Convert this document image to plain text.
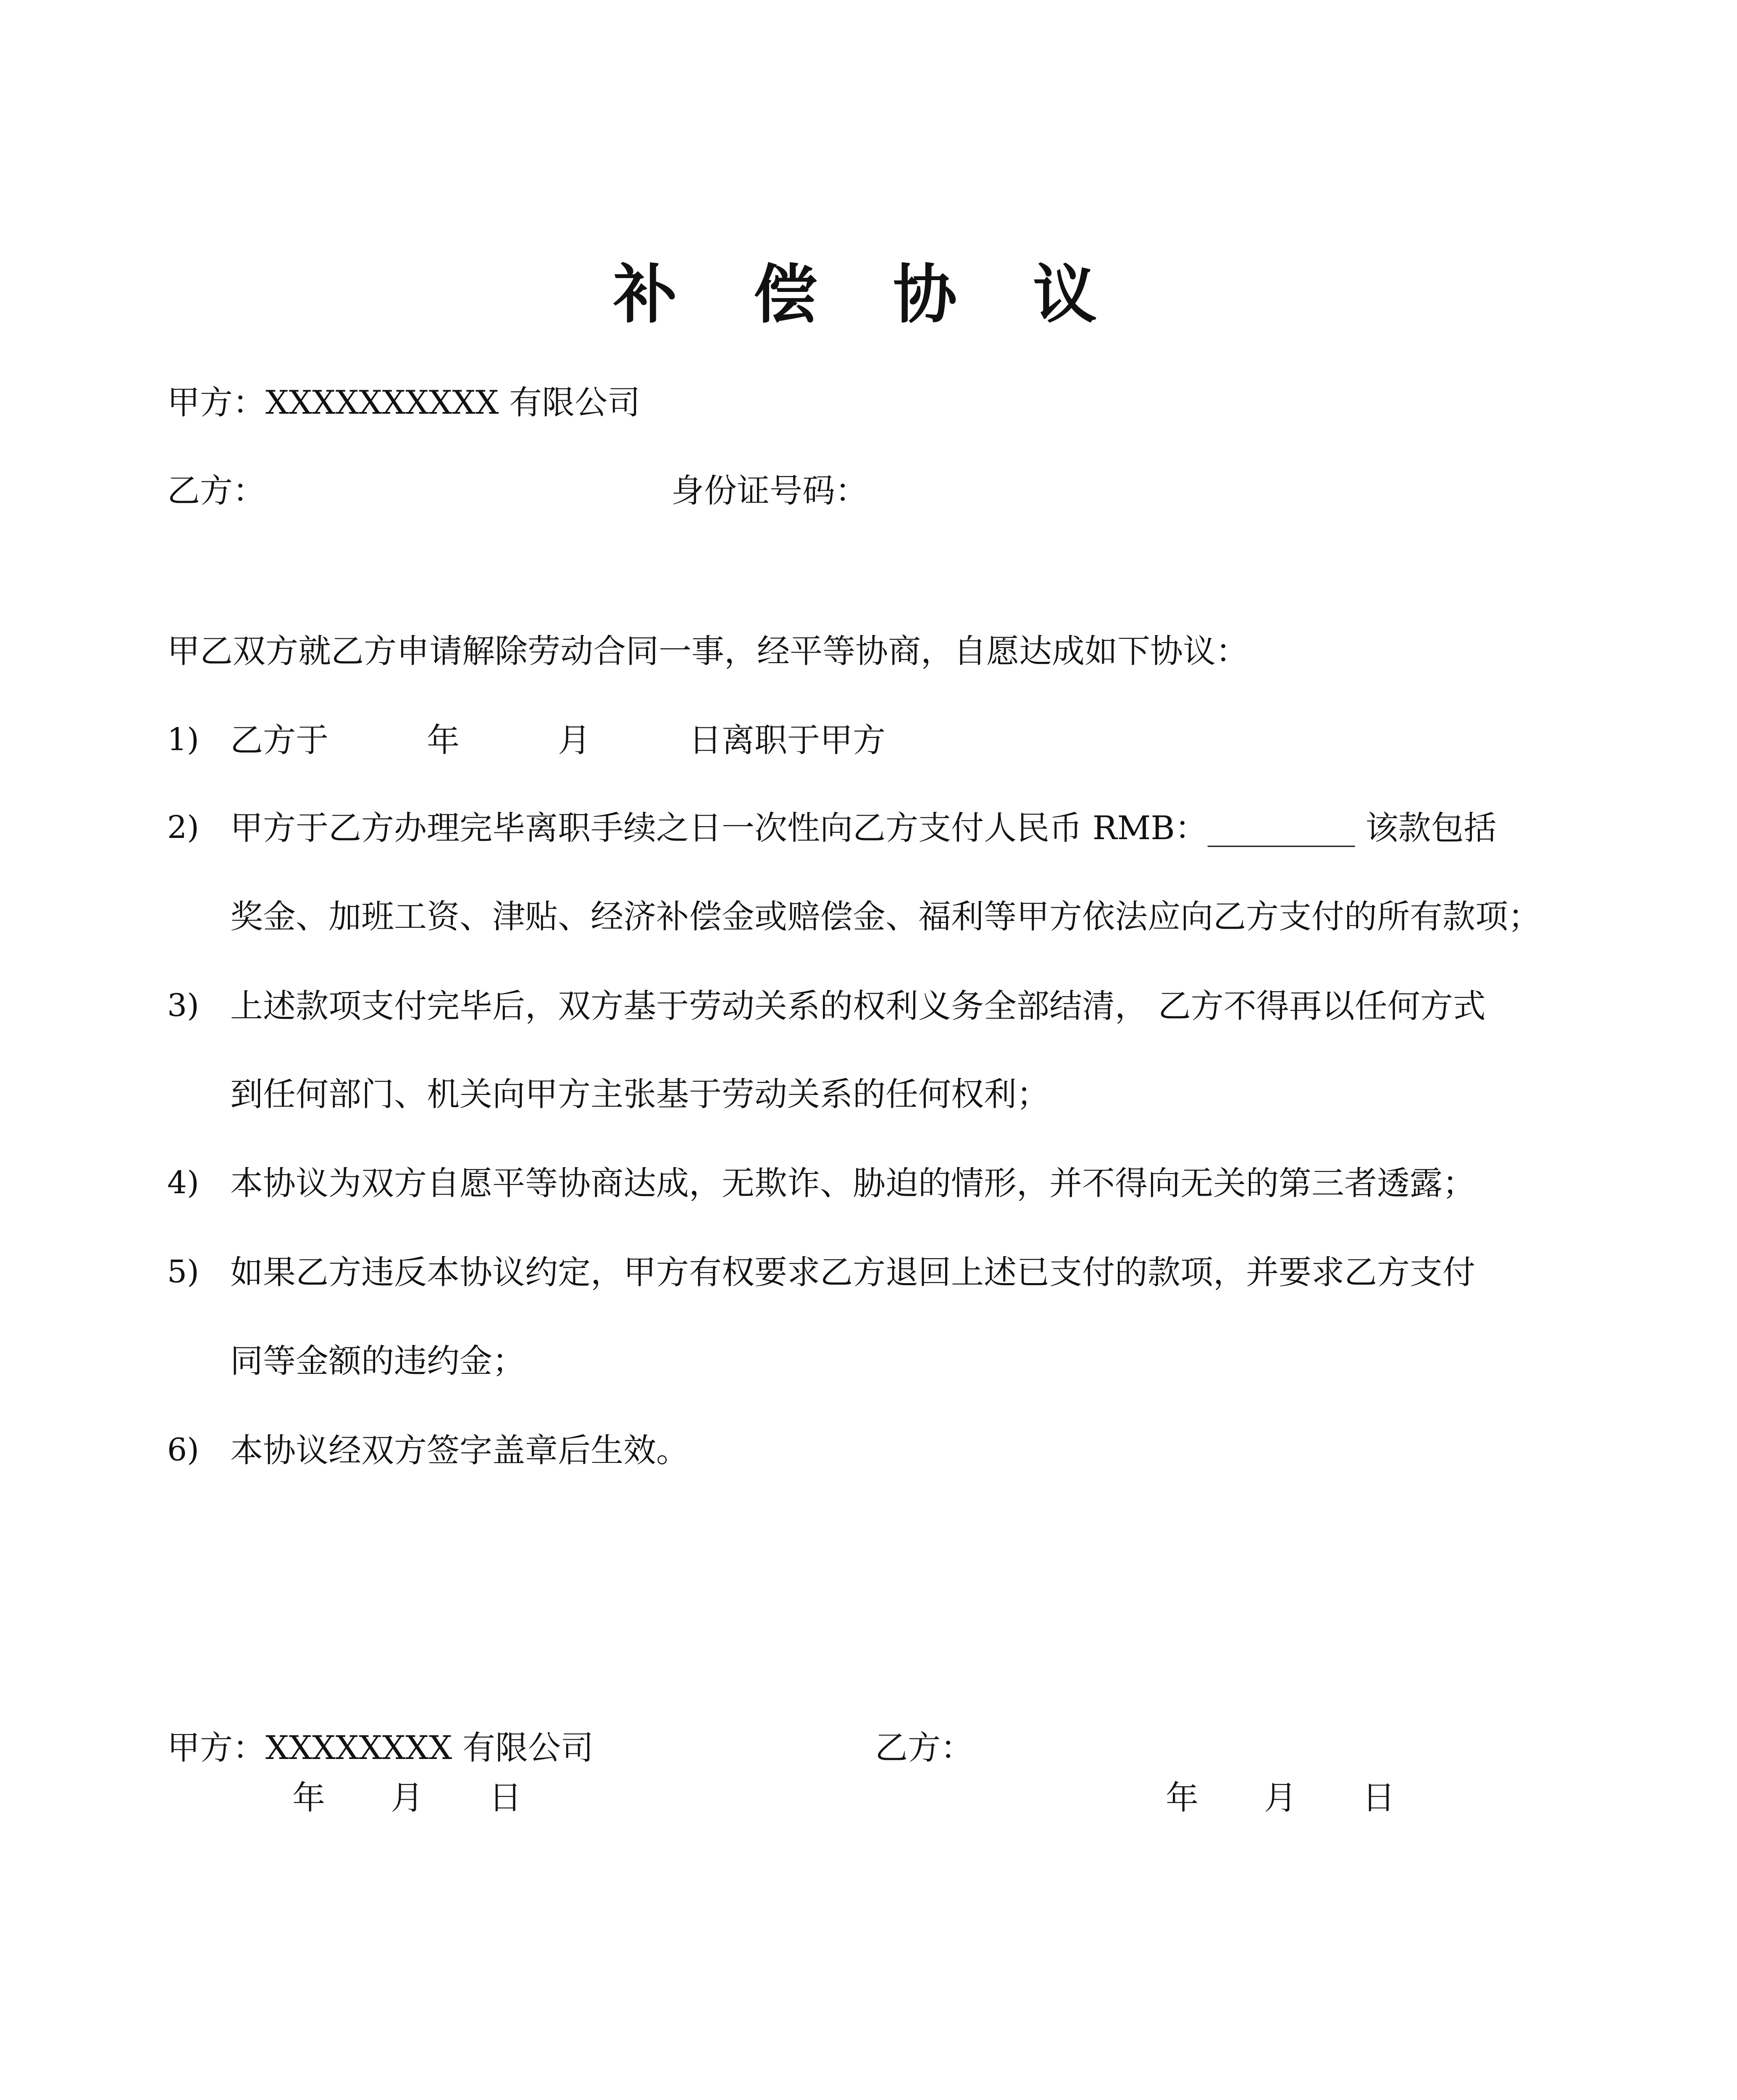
补 偿 协 议
甲方：XXXXXXXXXX 有限公司
乙方：	身份证号码：
甲乙双方就乙方申请解除劳动合同一事，经平等协商，自愿达成如下协议：
1) 乙方于　　　年　　　月　　　日离职于甲方
2) 甲方于乙方办理完毕离职手续之日一次性向乙方支付人民币 RMB：_________ 该款包括
奖金、加班工资、津贴、经济补偿金或赔偿金、福利等甲方依法应向乙方支付的所有款项；
3) 上述款项支付完毕后，双方基于劳动关系的权利义务全部结清， 乙方不得再以任何方式
到任何部门、机关向甲方主张基于劳动关系的任何权利；
4) 本协议为双方自愿平等协商达成，无欺诈、胁迫的情形，并不得向无关的第三者透露；
5) 如果乙方违反本协议约定，甲方有权要求乙方退回上述已支付的款项，并要求乙方支付
同等金额的违约金；
6) 本协议经双方签字盖章后生效。
甲方：XXXXXXXX 有限公司	乙方：
年　　月　　日	年　　月　　日
